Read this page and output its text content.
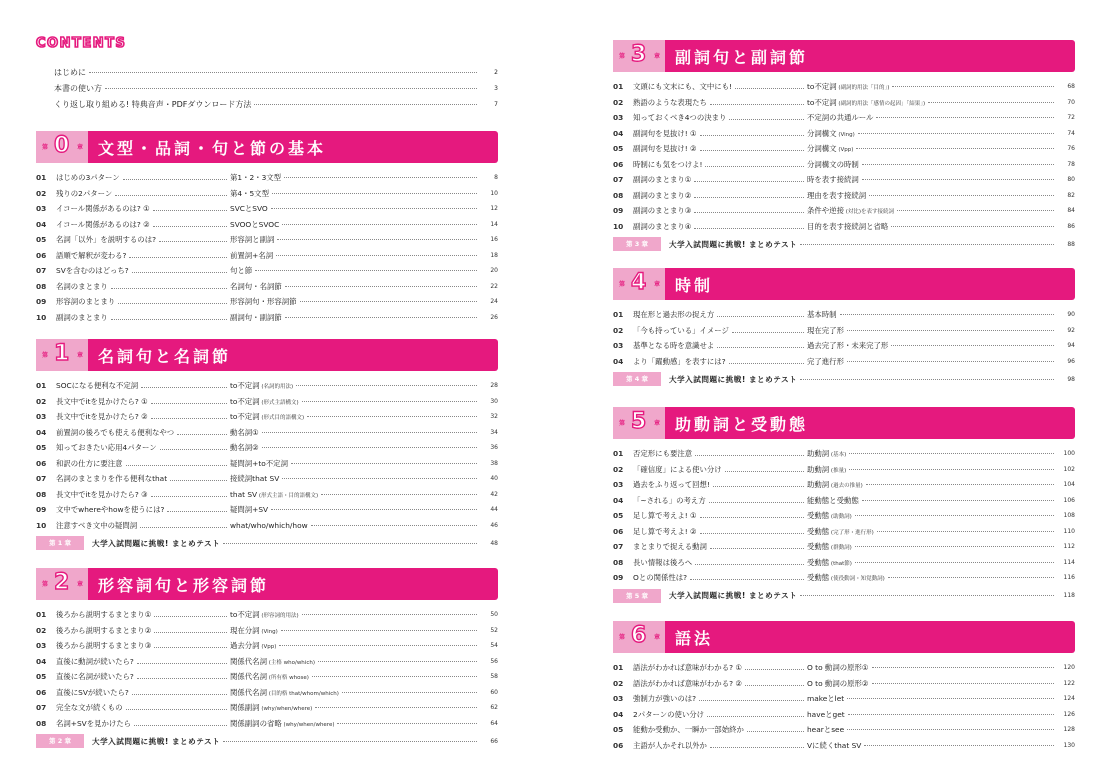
CONTENTS
はじめに	2
本書の使い方	3
くり返し取り組める! 特典音声・PDFダウンロード方法	7
第 0 章 文型・品詞・句と節の基本
01	はじめの3パターン	第1・2・3文型	8
02	残りの2パターン	第4・5文型	10
03	イコール関係があるのは? ①	SVCとSVO	12
04	イコール関係があるのは? ②	SVOOとSVOC	14
05	名詞「以外」を説明するのは?	形容詞と副詞	16
06	語順で解釈が変わる?	前置詞+名詞	18
07	SVを含むのはどっち?	句と節	20
08	名詞のまとまり	名詞句・名詞節	22
09	形容詞のまとまり	形容詞句・形容詞節	24
10	副詞のまとまり	副詞句・副詞節	26
第 1 章 名詞句と名詞節
01	SOCになる便利な不定詞	to不定詞 (名詞的用法)	28
02	長文中でitを見かけたら? ①	to不定詞 (形式主語構文)	30
03	長文中でitを見かけたら? ②	to不定詞 (形式目的語構文)	32
04	前置詞の後ろでも使える便利なやつ	動名詞①	34
05	知っておきたい応用4パターン	動名詞②	36
06	和訳の仕方に要注意	疑問詞+to不定詞	38
07	名詞のまとまりを作る便利なthat	接続詞that SV	40
08	長文中でitを見かけたら? ③	that SV (形式主語・目的語構文)	42
09	文中でwhereやhowを使うには?	疑問詞+SV	44
10	注意すべき文中の疑問詞	what/who/which/how	46
第 1 章	大学入試問題に挑戦! まとめテスト	48
第 2 章 形容詞句と形容詞節
01	後ろから説明するまとまり①	to不定詞 (形容詞的用法)	50
02	後ろから説明するまとまり②	現在分詞 (Ving)	52
03	後ろから説明するまとまり③	過去分詞 (Vpp)	54
04	直後に動詞が続いたら?	関係代名詞 (主格 who/which)	56
05	直後に名詞が続いたら?	関係代名詞 (所有格 whose)	58
06	直後にSVが続いたら?	関係代名詞 (目的格 that/whom/which)	60
07	完全な文が続くもの	関係副詞 (why/when/where)	62
08	名詞+SVを見かけたら	関係副詞の省略 (why/when/where)	64
第 2 章	大学入試問題に挑戦! まとめテスト	66
第 3 章 副詞句と副詞節
01	文頭にも文末にも、文中にも!	to不定詞 (副詞的用法「目的」)	68
02	熟語のような表現たち	to不定詞 (副詞的用法「感情の起因」「結果」)	70
03	知っておくべき4つの決まり	不定詞の共通ルール	72
04	副詞句を見抜け! ①	分詞構文 (Ving)	74
05	副詞句を見抜け! ②	分詞構文 (Vpp)	76
06	時制にも気をつけよ!	分詞構文の時制	78
07	副詞のまとまり①	時を表す接続詞	80
08	副詞のまとまり②	理由を表す接続詞	82
09	副詞のまとまり③	条件や逆接 (対比)を表す接続詞	84
10	副詞のまとまり④	目的を表す接続詞と省略	86
第 3 章	大学入試問題に挑戦! まとめテスト	88
第 4 章 時制
01	現在形と過去形の捉え方	基本時制	90
02	「今も持っている」イメージ	現在完了形	92
03	基準となる時を意識せよ	過去完了形・未来完了形	94
04	より「躍動感」を表すには?	完了進行形	96
第 4 章	大学入試問題に挑戦! まとめテスト	98
第 5 章 助動詞と受動態
01	否定形にも要注意	助動詞 (基本)	100
02	「確信度」による使い分け	助動詞 (推量)	102
03	過去をふり返って回想!	助動詞 (過去の推量)	104
04	「~される」の考え方	能動態と受動態	106
05	足し算で考えよ! ①	受動態 (助動詞)	108
06	足し算で考えよ! ②	受動態 (完了形・進行形)	110
07	まとまりで捉える動詞	受動態 (群動詞)	112
08	長い情報は後ろへ	受動態 (that節)	114
09	Oとの関係性は?	受動態 (使役動詞・知覚動詞)	116
第 5 章	大学入試問題に挑戦! まとめテスト	118
第 6 章 語法
01	語法がわかれば意味がわかる? ①	O to 動詞の原形①	120
02	語法がわかれば意味がわかる? ②	O to 動詞の原形②	122
03	強制力が強いのは?	makeとlet	124
04	2パターンの使い分け	haveとget	126
05	能動か受動か、一瞬か一部始終か	hearとsee	128
06	主語が人かそれ以外か	Vに続くthat SV	130
